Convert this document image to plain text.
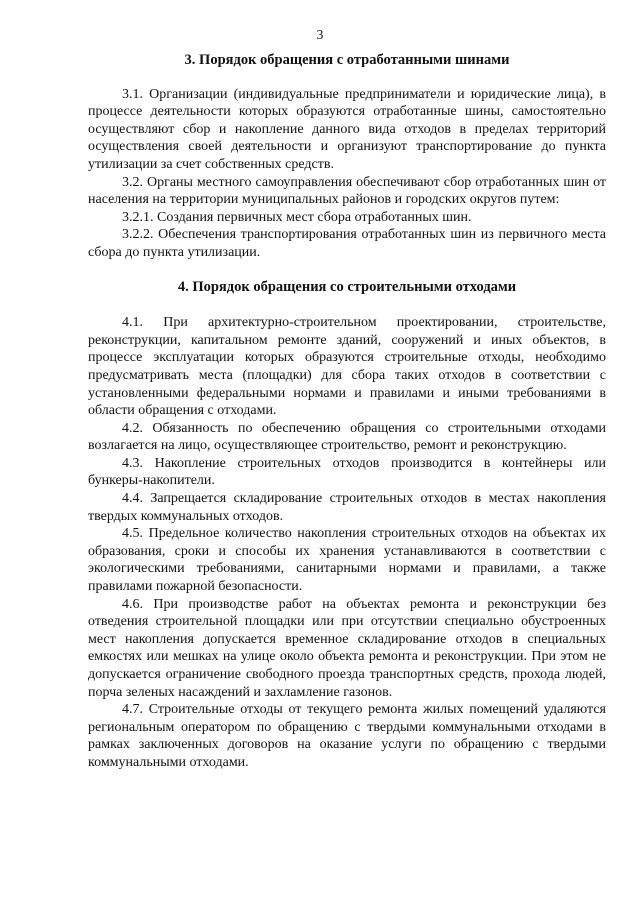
3

3. Порядок обращения с отработанными шинами

3.1. Организации (индивидуальные предприниматели и юридические лица), в процессе деятельности которых образуются отработанные шины, самостоятельно осуществляют сбор и накопление данного вида отходов в пределах территорий осуществления своей деятельности и организуют транспортирование до пункта утилизации за счет собственных средств.

3.2. Органы местного самоуправления обеспечивают сбор отработанных шин от населения на территории муниципальных районов и городских округов путем:

3.2.1. Создания первичных мест сбора отработанных шин.

3.2.2. Обеспечения транспортирования отработанных шин из первичного места сбора до пункта утилизации.

4. Порядок обращения со строительными отходами

4.1. При архитектурно-строительном проектировании, строительстве, реконструкции, капитальном ремонте зданий, сооружений и иных объектов, в процессе эксплуатации которых образуются строительные отходы, необходимо предусматривать места (площадки) для сбора таких отходов в соответствии с установленными федеральными нормами и правилами и иными требованиями в области обращения с отходами.

4.2. Обязанность по обеспечению обращения со строительными отходами возлагается на лицо, осуществляющее строительство, ремонт и реконструкцию.

4.3. Накопление строительных отходов производится в контейнеры или бункеры-накопители.

4.4. Запрещается складирование строительных отходов в местах накопления твердых коммунальных отходов.

4.5. Предельное количество накопления строительных отходов на объектах их образования, сроки и способы их хранения устанавливаются в соответствии с экологическими требованиями, санитарными нормами и правилами, а также правилами пожарной безопасности.

4.6. При производстве работ на объектах ремонта и реконструкции без отведения строительной площадки или при отсутствии специально обустроенных мест накопления допускается временное складирование отходов в специальных емкостях или мешках на улице около объекта ремонта и реконструкции. При этом не допускается ограничение свободного проезда транспортных средств, прохода людей, порча зеленых насаждений и захламление газонов.

4.7. Строительные отходы от текущего ремонта жилых помещений удаляются региональным оператором по обращению с твердыми коммунальными отходами в рамках заключенных договоров на оказание услуги по обращению с твердыми коммунальными отходами.
